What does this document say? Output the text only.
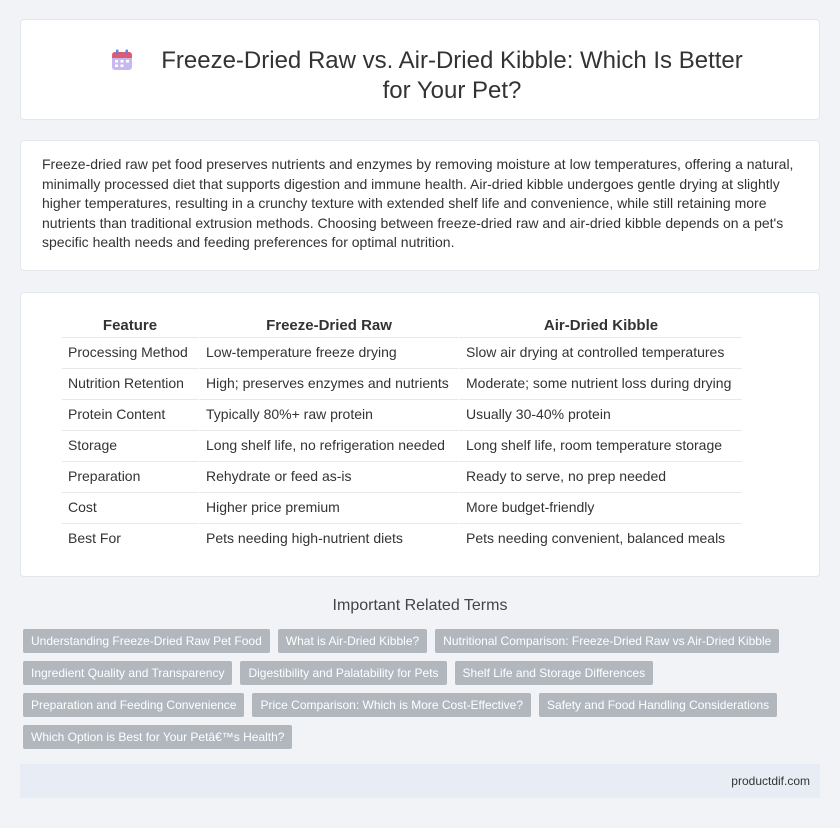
Freeze-Dried Raw vs. Air-Dried Kibble: Which Is Better for Your Pet?

Freeze-dried raw pet food preserves nutrients and enzymes by removing moisture at low temperatures, offering a natural, minimally processed diet that supports digestion and immune health. Air-dried kibble undergoes gentle drying at slightly higher temperatures, resulting in a crunchy texture with extended shelf life and convenience, while still retaining more nutrients than traditional extrusion methods. Choosing between freeze-dried raw and air-dried kibble depends on a pet's specific health needs and feeding preferences for optimal nutrition.

Feature	Freeze-Dried Raw	Air-Dried Kibble
Processing Method	Low-temperature freeze drying	Slow air drying at controlled temperatures
Nutrition Retention	High; preserves enzymes and nutrients	Moderate; some nutrient loss during drying
Protein Content	Typically 80%+ raw protein	Usually 30-40% protein
Storage	Long shelf life, no refrigeration needed	Long shelf life, room temperature storage
Preparation	Rehydrate or feed as-is	Ready to serve, no prep needed
Cost	Higher price premium	More budget-friendly
Best For	Pets needing high-nutrient diets	Pets needing convenient, balanced meals
Important Related Terms
Understanding Freeze-Dried Raw Pet Food	What is Air-Dried Kibble?	Nutritional Comparison: Freeze-Dried Raw vs Air-Dried Kibble
Ingredient Quality and Transparency	Digestibility and Palatability for Pets	Shelf Life and Storage Differences
Preparation and Feeding Convenience	Price Comparison: Which is More Cost-Effective?	Safety and Food Handling Considerations
Which Option is Best for Your Petâ€™s Health?
productdif.com
